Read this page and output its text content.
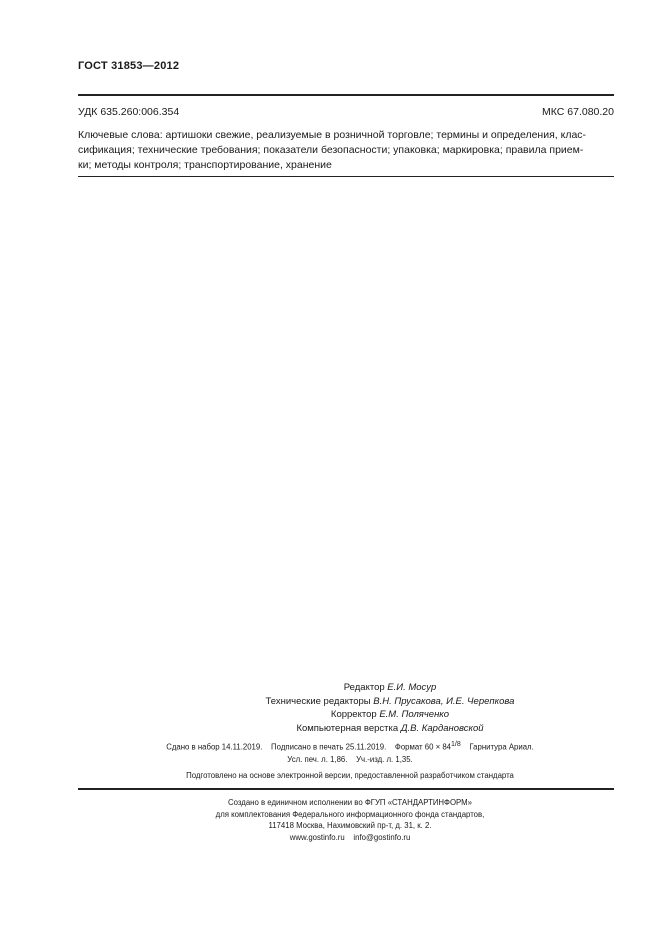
ГОСТ 31853—2012
УДК 635.260:006.354	МКС 67.080.20
Ключевые слова: артишоки свежие, реализуемые в розничной торговле; термины и определения, клас-
сификация; технические требования; показатели безопасности; упаковка; маркировка; правила прием-
ки; методы контроля; транспортирование, хранение
Редактор Е.И. Мосур
Технические редакторы В.Н. Прусакова, И.Е. Черепкова
Корректор Е.М. Поляченко
Компьютерная верстка Д.В. Кардановской
Сдано в набор 14.11.2019.    Подписано в печать 25.11.2019.    Формат $60 \times 84^{1/8}$    Гарнитура Ариал.
Усл. печ. л. 1,86.    Уч.-изд. л. 1,35.
Подготовлено на основе электронной версии, предоставленной разработчиком стандарта
Создано в единичном исполнении во ФГУП «СТАНДАРТИНФОРМ»
для комплектования Федерального информационного фонда стандартов,
117418 Москва, Нахимовский пр-т, д. 31, к. 2.
www.gostinfo.ru    info@gostinfo.ru
